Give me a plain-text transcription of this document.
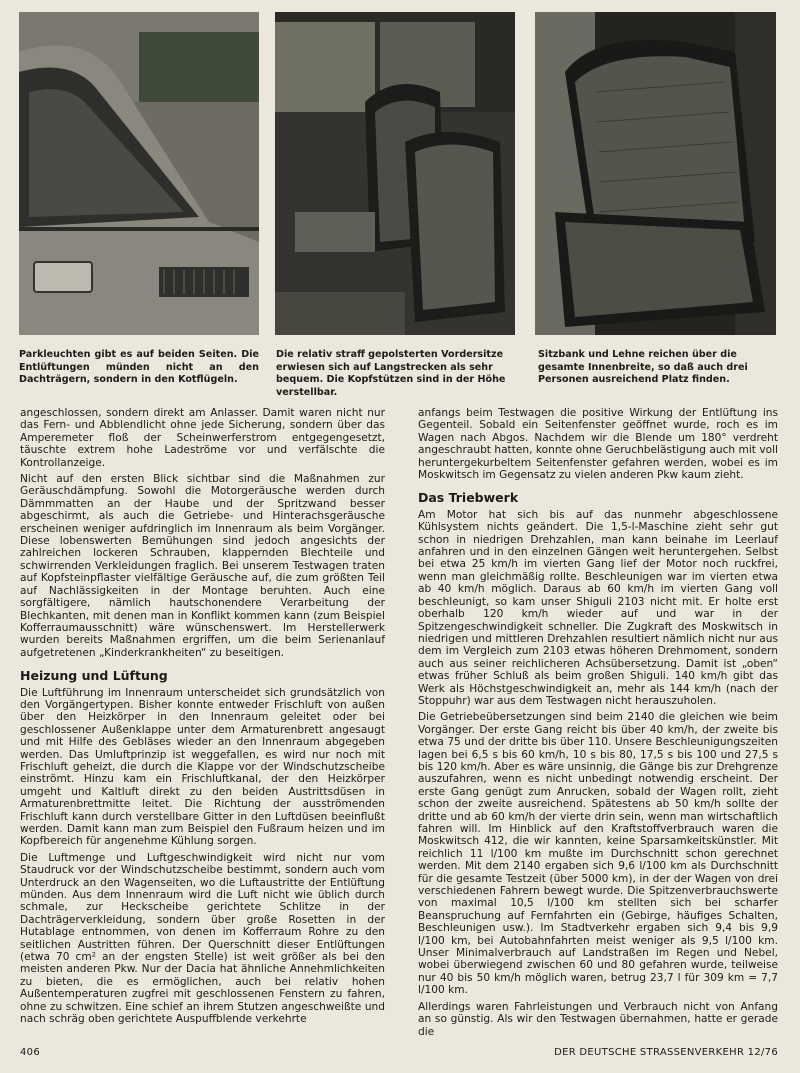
Parkleuchten gibt es auf beiden Seiten. Die Entlüftungen münden nicht an den Dachträgern, sondern in den Kotflügeln.
Die relativ straff gepolsterten Vordersitze erwiesen sich auf Langstrecken als sehr bequem. Die Kopfstützen sind in der Höhe verstellbar.
Sitzbank und Lehne reichen über die gesamte Innenbreite, so daß auch drei Personen ausreichend Platz finden.

angeschlossen, sondern direkt am Anlasser. Damit waren nicht nur das Fern- und Abblendlicht ohne jede Sicherung, sondern über das Amperemeter floß der Scheinwerferstrom entgegengesetzt, täuschte extrem hohe Ladeströme vor und verfälschte die Kontrollanzeige.

Nicht auf den ersten Blick sichtbar sind die Maßnahmen zur Geräuschdämpfung. Sowohl die Motorgeräusche werden durch Dämmmatten an der Haube und der Spritzwand besser abgeschirmt, als auch die Getriebe- und Hinterachsgeräusche erscheinen weniger aufdringlich im Innenraum als beim Vorgänger. Diese lobenswerten Bemühungen sind jedoch angesichts der zahlreichen lockeren Schrauben, klappernden Blechteile und schwirrenden Verkleidungen fraglich. Bei unserem Testwagen traten auf Kopfsteinpflaster vielfältige Geräusche auf, die zum größten Teil auf Nachlässigkeiten in der Montage beruhten. Auch eine sorgfältigere, nämlich hautschonendere Verarbeitung der Blechkanten, mit denen man in Konflikt kommen kann (zum Beispiel Kofferraumausschnitt) wäre wünschenswert. Im Herstellerwerk wurden bereits Maßnahmen ergriffen, um die beim Serienanlauf aufgetretenen „Kinderkrankheiten“ zu beseitigen.

Heizung und Lüftung

Die Luftführung im Innenraum unterscheidet sich grundsätzlich von den Vorgängertypen. Bisher konnte entweder Frischluft von außen über den Heizkörper in den Innenraum geleitet oder bei geschlossener Außenklappe unter dem Armaturenbrett angesaugt und mit Hilfe des Gebläses wieder an den Innenraum abgegeben werden. Das Umluftprinzip ist weggefallen, es wird nur noch mit Frischluft geheizt, die durch die Klappe vor der Windschutzscheibe einströmt. Hinzu kam ein Frischluftkanal, der den Heizkörper umgeht und Kaltluft direkt zu den beiden Austrittsdüsen in Armaturenbrettmitte leitet. Die Richtung der ausströmenden Frischluft kann durch verstellbare Gitter in den Luftdüsen beeinflußt werden. Damit kann man zum Beispiel den Fußraum heizen und im Kopfbereich für angenehme Kühlung sorgen.

Die Luftmenge und Luftgeschwindigkeit wird nicht nur vom Staudruck vor der Windschutzscheibe bestimmt, sondern auch vom Unterdruck an den Wagenseiten, wo die Luftaustritte der Entlüftung münden. Aus dem Innenraum wird die Luft nicht wie üblich durch schmale, zur Heckscheibe gerichtete Schlitze in der Dachträgerverkleidung, sondern über große Rosetten in der Hutablage entnommen, von denen im Kofferraum Rohre zu den seitlichen Austritten führen. Der Querschnitt dieser Entlüftungen (etwa 70 cm² an der engsten Stelle) ist weit größer als bei den meisten anderen Pkw. Nur der Dacia hat ähnliche Annehmlichkeiten zu bieten, die es ermöglichen, auch bei relativ hohen Außentemperaturen zugfrei mit geschlossenen Fenstern zu fahren, ohne zu schwitzen. Eine schief an ihrem Stutzen angeschweißte und nach schräg oben gerichtete Auspuffblende verkehrte

anfangs beim Testwagen die positive Wirkung der Entlüftung ins Gegenteil. Sobald ein Seitenfenster geöffnet wurde, roch es im Wagen nach Abgos. Nachdem wir die Blende um 180° verdreht angeschraubt hatten, konnte ohne Geruchbelästigung auch mit voll heruntergekurbeltem Seitenfenster gefahren werden, wobei es im Moskwitsch im Gegensatz zu vielen anderen Pkw kaum zieht.

Das Triebwerk

Am Motor hat sich bis auf das nunmehr abgeschlossene Kühlsystem nichts geändert. Die 1,5-l-Maschine zieht sehr gut schon in niedrigen Drehzahlen, man kann beinahe im Leerlauf anfahren und in den einzelnen Gängen weit heruntergehen. Selbst bei etwa 25 km/h im vierten Gang lief der Motor noch ruckfrei, wenn man gleichmäßig rollte. Beschleunigen war im vierten etwa ab 40 km/h möglich. Daraus ab 60 km/h im vierten Gang voll beschleunigt, so kam unser Shiguli 2103 nicht mit. Er holte erst oberhalb 120 km/h wieder auf und war in der Spitzengeschwindigkeit schneller. Die Zugkraft des Moskwitsch in niedrigen und mittleren Drehzahlen resultiert nämlich nicht nur aus dem im Vergleich zum 2103 etwas höheren Drehmoment, sondern auch aus seiner reichlicheren Achsübersetzung. Damit ist „oben“ etwas früher Schluß als beim großen Shiguli. 140 km/h gibt das Werk als Höchstgeschwindigkeit an, mehr als 144 km/h (nach der Stoppuhr) war aus dem Testwagen nicht herauszuholen.

Die Getriebeübersetzungen sind beim 2140 die gleichen wie beim Vorgänger. Der erste Gang reicht bis über 40 km/h, der zweite bis etwa 75 und der dritte bis über 110. Unsere Beschleunigungszeiten lagen bei 6,5 s bis 60 km/h, 10 s bis 80, 17,5 s bis 100 und 27,5 s bis 120 km/h. Aber es wäre unsinnig, die Gänge bis zur Drehgrenze auszufahren, wenn es nicht unbedingt notwendig erscheint. Der erste Gang genügt zum Anrucken, sobald der Wagen rollt, zieht schon der zweite ausreichend. Spätestens ab 50 km/h sollte der dritte und ab 60 km/h der vierte drin sein, wenn man wirtschaftlich fahren will. Im Hinblick auf den Kraftstoffverbrauch waren die Moskwitsch 412, die wir kannten, keine Sparsamkeitskünstler. Mit reichlich 11 l/100 km mußte im Durchschnitt schon gerechnet werden. Mit dem 2140 ergaben sich 9,6 l/100 km als Durchschnitt für die gesamte Testzeit (über 5000 km), in der der Wagen von drei verschiedenen Fahrern bewegt wurde. Die Spitzenverbrauchswerte von maximal 10,5 l/100 km stellten sich bei scharfer Beanspruchung auf Fernfahrten ein (Gebirge, häufiges Schalten, Beschleunigen usw.). Im Stadtverkehr ergaben sich 9,4 bis 9,9 l/100 km, bei Autobahnfahrten meist weniger als 9,5 l/100 km. Unser Minimalverbrauch auf Landstraßen im Regen und Nebel, wobei überwiegend zwischen 60 und 80 gefahren wurde, teilweise nur 40 bis 50 km/h möglich waren, betrug 23,7 l für 309 km = 7,7 l/100 km.

Allerdings waren Fahrleistungen und Verbrauch nicht von Anfang an so günstig. Als wir den Testwagen übernahmen, hatte er gerade die

406	DER DEUTSCHE STRASSENVERKEHR 12/76
